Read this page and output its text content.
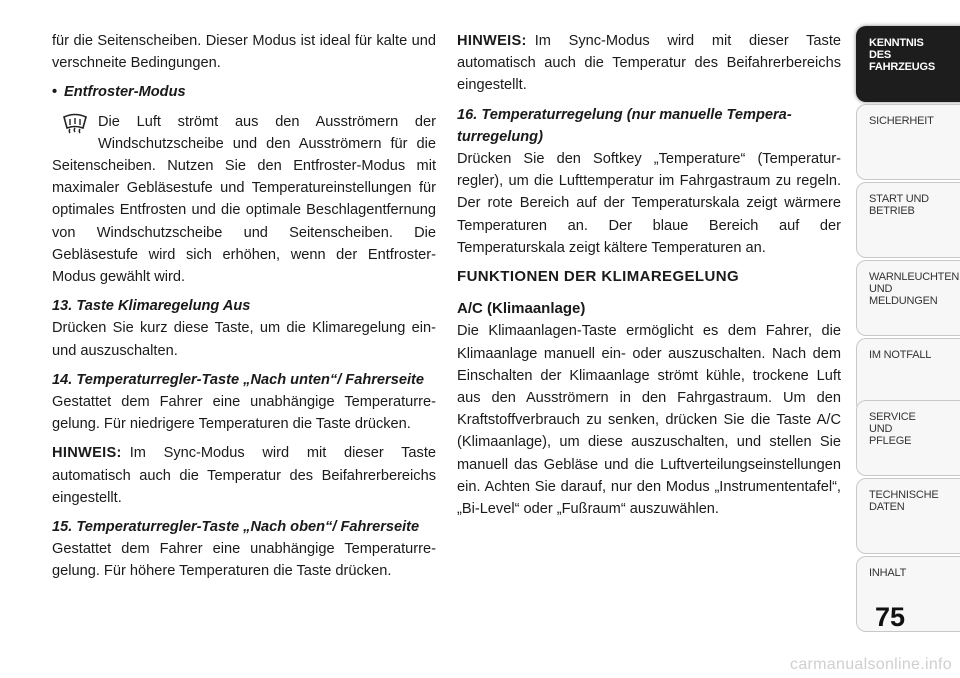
für die Seitenscheiben. Dieser Modus ist ideal für kalte und verschneite Bedingungen.

• Entfroster-Modus

Die Luft strömt aus den Ausströmern der Windschutzscheibe und den Ausströmern für die Seitenscheiben. Nutzen Sie den Entfroster-Modus mit maximaler Gebläsestufe und Temperatureinstellungen für optimales Entfrosten und die optimale Beschlagentfernung von Windschutzscheibe und Seitenscheiben. Die Gebläsestufe wird sich erhöhen, wenn der Entfroster-Modus gewählt wird.
13. Taste Klimaregelung Aus

Drücken Sie kurz diese Taste, um die Klimaregelung ein- und auszuschalten.

14. Temperaturregler-Taste „Nach unten“/ Fahrerseite

Gestattet dem Fahrer eine unabhängige Temperaturregelung. Für niedrigere Temperaturen die Taste drücken.

HINWEIS: Im Sync-Modus wird mit dieser Taste automatisch auch die Temperatur des Beifahrerbereichs eingestellt.

15. Temperaturregler-Taste „Nach oben“/ Fahrerseite

Gestattet dem Fahrer eine unabhängige Temperaturregelung. Für höhere Temperaturen die Taste drücken.

HINWEIS: Im Sync-Modus wird mit dieser Taste automatisch auch die Temperatur des Beifahrerbereichs eingestellt.

16. Temperaturregelung (nur manuelle Temperaturregelung)

Drücken Sie den Softkey „Temperature“ (Temperaturregler), um die Lufttemperatur im Fahrgastraum zu regeln. Der rote Bereich auf der Temperaturskala zeigt wärmere Temperaturen an. Der blaue Bereich auf der Temperaturskala zeigt kältere Temperaturen an.

FUNKTIONEN DER KLIMAREGELUNG
A/C (Klimaanlage)

Die Klimaanlagen-Taste ermöglicht es dem Fahrer, die Klimaanlage manuell ein- oder auszuschalten. Nach dem Einschalten der Klimaanlage strömt kühle, trockene Luft aus den Ausströmern in den Fahrgastraum. Um den Kraftstoffverbrauch zu senken, drücken Sie die Taste A/C (Klimaanlage), um diese auszuschalten, und stellen Sie manuell das Gebläse und die Luftverteilungseinstellungen ein. Achten Sie darauf, nur den Modus „Instrumententafel“, „Bi-Level“ oder „Fußraum“ auszuwählen.

KENNTNIS
DES
FAHRZEUGS
SICHERHEIT
START UND
BETRIEB
WARNLEUCHTEN
UND
MELDUNGEN
IM NOTFALL
SERVICE
UND
PFLEGE
TECHNISCHE
DATEN
INHALT
75
carmanualsonline.info
